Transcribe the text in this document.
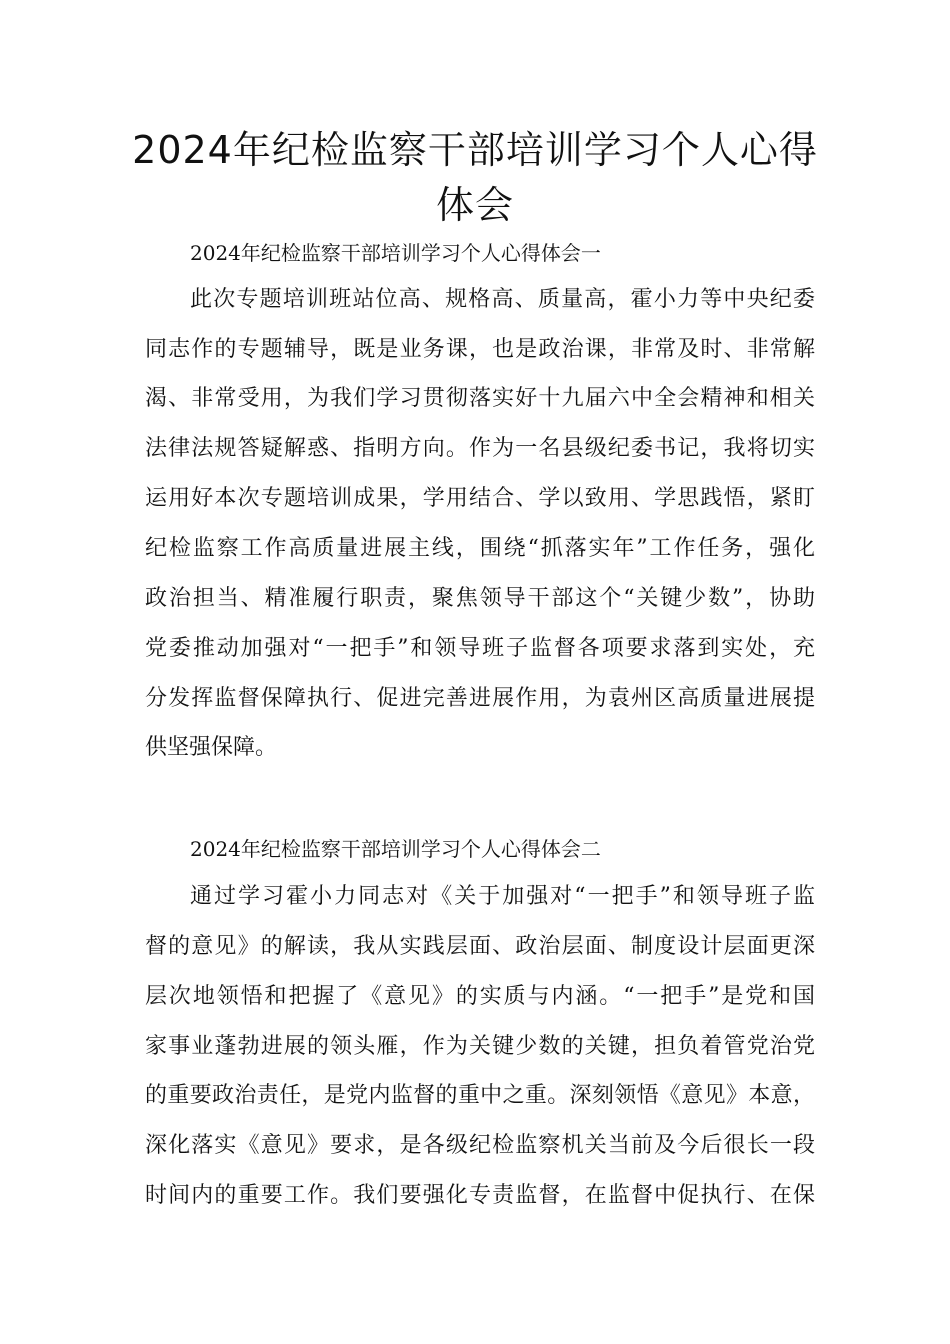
2024年纪检监察干部培训学习个人心得
体会
2024年纪检监察干部培训学习个人心得体会一
此次专题培训班站位高、规格高、质量高，霍小力等中央纪委
同志作的专题辅导，既是业务课，也是政治课，非常及时、非常解
渴、非常受用，为我们学习贯彻落实好十九届六中全会精神和相关
法律法规答疑解惑、指明方向。作为一名县级纪委书记，我将切实
运用好本次专题培训成果，学用结合、学以致用、学思践悟，紧盯
纪检监察工作高质量进展主线，围绕“抓落实年”工作任务，强化
政治担当、精准履行职责，聚焦领导干部这个“关键少数”，协助
党委推动加强对“一把手”和领导班子监督各项要求落到实处，充
分发挥监督保障执行、促进完善进展作用，为袁州区高质量进展提
供坚强保障。
2024年纪检监察干部培训学习个人心得体会二
通过学习霍小力同志对《关于加强对“一把手”和领导班子监
督的意见》的解读，我从实践层面、政治层面、制度设计层面更深
层次地领悟和把握了《意见》的实质与内涵。“一把手”是党和国
家事业蓬勃进展的领头雁，作为关键少数的关键，担负着管党治党
的重要政治责任，是党内监督的重中之重。深刻领悟《意见》本意，
深化落实《意见》要求，是各级纪检监察机关当前及今后很长一段
时间内的重要工作。我们要强化专责监督，在监督中促执行、在保
